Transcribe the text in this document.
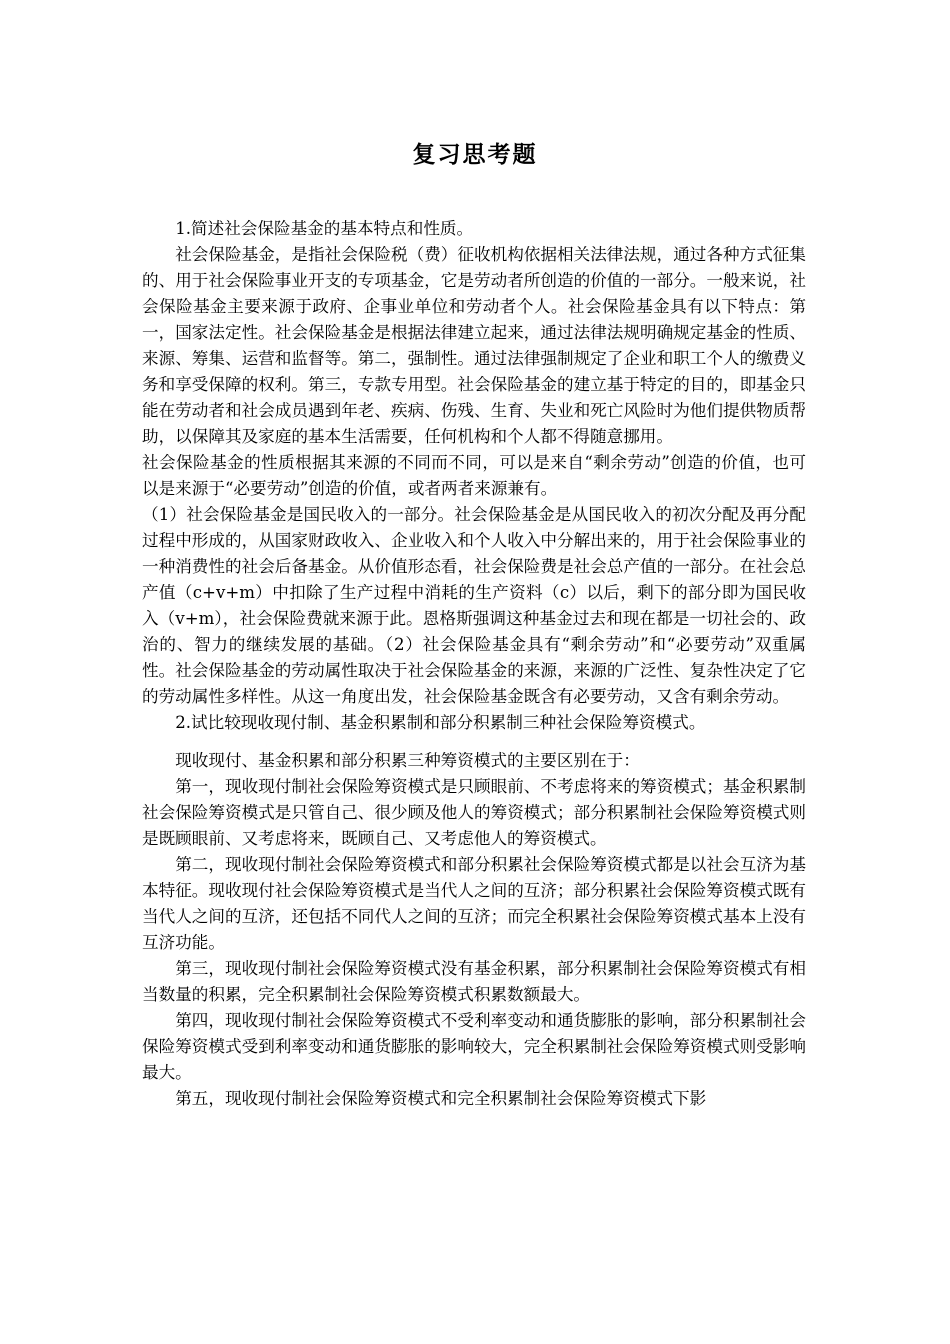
复习思考题

1.简述社会保险基金的基本特点和性质。

社会保险基金，是指社会保险税（费）征收机构依据相关法律法规，通过各种方式征集的、用于社会保险事业开支的专项基金，它是劳动者所创造的价值的一部分。一般来说，社会保险基金主要来源于政府、企事业单位和劳动者个人。社会保险基金具有以下特点：第一，国家法定性。社会保险基金是根据法律建立起来，通过法律法规明确规定基金的性质、来源、筹集、运营和监督等。第二，强制性。通过法律强制规定了企业和职工个人的缴费义务和享受保障的权利。第三，专款专用型。社会保险基金的建立基于特定的目的，即基金只能在劳动者和社会成员遇到年老、疾病、伤残、生育、失业和死亡风险时为他们提供物质帮助，以保障其及家庭的基本生活需要，任何机构和个人都不得随意挪用。

社会保险基金的性质根据其来源的不同而不同，可以是来自“剩余劳动”创造的价值，也可以是来源于“必要劳动”创造的价值，或者两者来源兼有。

（1）社会保险基金是国民收入的一部分。社会保险基金是从国民收入的初次分配及再分配过程中形成的，从国家财政收入、企业收入和个人收入中分解出来的，用于社会保险事业的一种消费性的社会后备基金。从价值形态看，社会保险费是社会总产值的一部分。在社会总产值（c+v+m）中扣除了生产过程中消耗的生产资料（c）以后，剩下的部分即为国民收入（v+m），社会保险费就来源于此。恩格斯强调这种基金过去和现在都是一切社会的、政治的、智力的继续发展的基础。（2）社会保险基金具有“剩余劳动”和“必要劳动”双重属性。社会保险基金的劳动属性取决于社会保险基金的来源，来源的广泛性、复杂性决定了它的劳动属性多样性。从这一角度出发，社会保险基金既含有必要劳动，又含有剩余劳动。

2.试比较现收现付制、基金积累制和部分积累制三种社会保险筹资模式。

现收现付、基金积累和部分积累三种筹资模式的主要区别在于：

第一，现收现付制社会保险筹资模式是只顾眼前、不考虑将来的筹资模式；基金积累制社会保险筹资模式是只管自己、很少顾及他人的筹资模式；部分积累制社会保险筹资模式则是既顾眼前、又考虑将来，既顾自己、又考虑他人的筹资模式。

第二，现收现付制社会保险筹资模式和部分积累社会保险筹资模式都是以社会互济为基本特征。现收现付社会保险筹资模式是当代人之间的互济；部分积累社会保险筹资模式既有当代人之间的互济，还包括不同代人之间的互济；而完全积累社会保险筹资模式基本上没有互济功能。

第三，现收现付制社会保险筹资模式没有基金积累，部分积累制社会保险筹资模式有相当数量的积累，完全积累制社会保险筹资模式积累数额最大。

第四，现收现付制社会保险筹资模式不受利率变动和通货膨胀的影响，部分积累制社会保险筹资模式受到利率变动和通货膨胀的影响较大，完全积累制社会保险筹资模式则受影响最大。

第五，现收现付制社会保险筹资模式和完全积累制社会保险筹资模式下影
